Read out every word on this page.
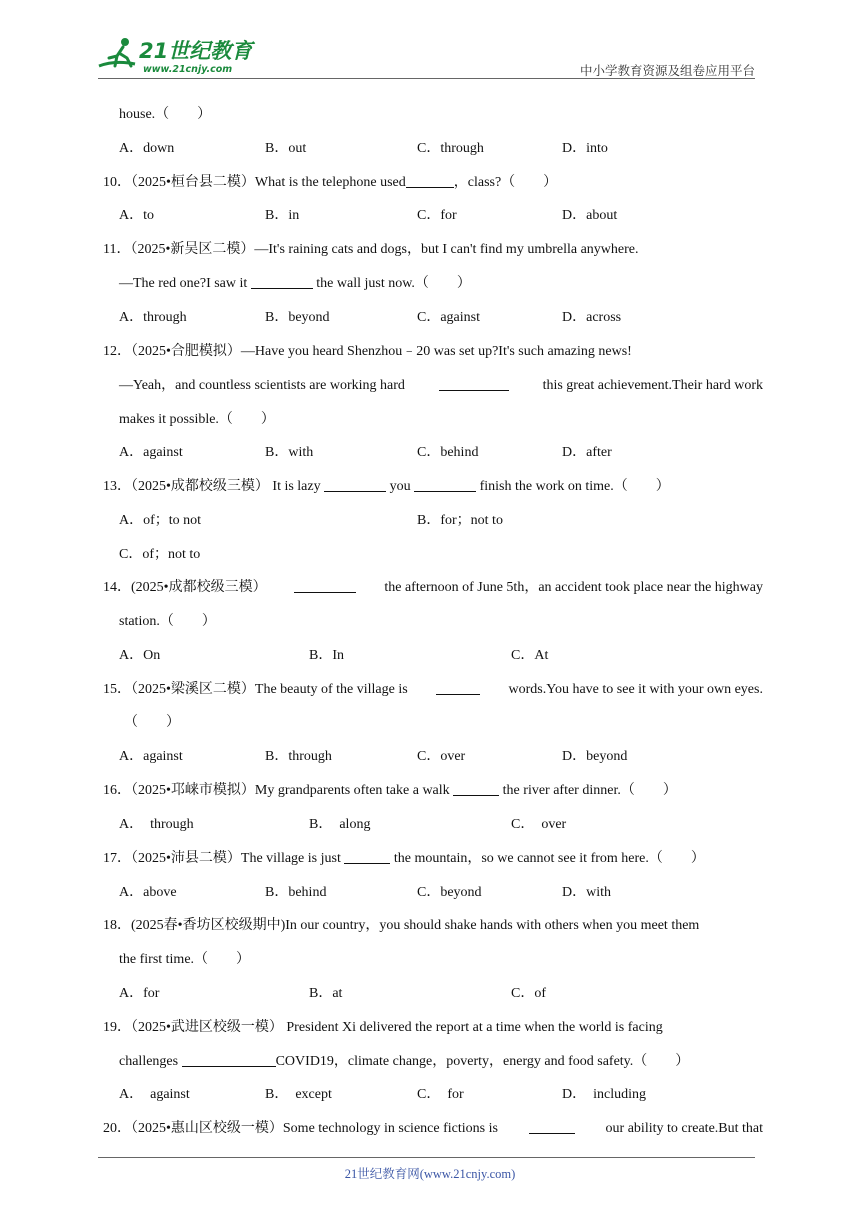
21世纪教育
www.21cnjy.com	中小学教育资源及组卷应用平台
house.（　　）
A．down	B．out	C．through	D．into
10．（2025•桓台县二模）What is the telephone used	，class?（　　）
A．to	B．in	C．for	D．about
11．（2025•新吴区二模）—It's raining cats and dogs，but I can't find my umbrella anywhere.
—The red one?I saw it	the wall just now.（　　）
A．through	B．beyond	C．against	D．across
12．（2025•合肥模拟）—Have you heard Shenzhou﹣20 was set up?It's such amazing news!
—Yeah，and countless scientists are working hard	this great achievement.Their hard work
makes it possible.（　　）
A．against	B．with	C．behind	D．after
13．（2025•成都校级三模） It is lazy	you	finish the work on time.（　　）
A．of；to not	B．for；not to
C．of；not to
14．(2025•成都校级三模）	the afternoon of June 5th，an accident took place near the highway
station.（　　）
A．On	B．In	C．At
15．（2025•梁溪区二模）The beauty of the village is	words.You have to see it with your own eyes.
（　　）
A．against	B．through	C．over	D．beyond
16．（2025•邛崃市模拟）My grandparents often take a walk	the river after dinner.（　　）
A．　through	B．　along	C．　over
17．（2025•沛县二模）The village is just	the mountain，so we cannot see it from here.（　　）
A．above	B．behind	C．beyond	D．with
18．(2025春•香坊区校级期中)In our country，you should shake hands with others when you meet them
the first time.（　　）
A．for	B．at	C．of
19．（2025•武进区校级一模） President Xi delivered the report at a time when the world is facing
challenges	COVID19，climate change，poverty，energy and food safety.（　　）
A．　against	B．　except	C．　for	D．　including
20．（2025•惠山区校级一模）Some technology in science fictions is	our ability to create.But that
21世纪教育网(www.21cnjy.com)
